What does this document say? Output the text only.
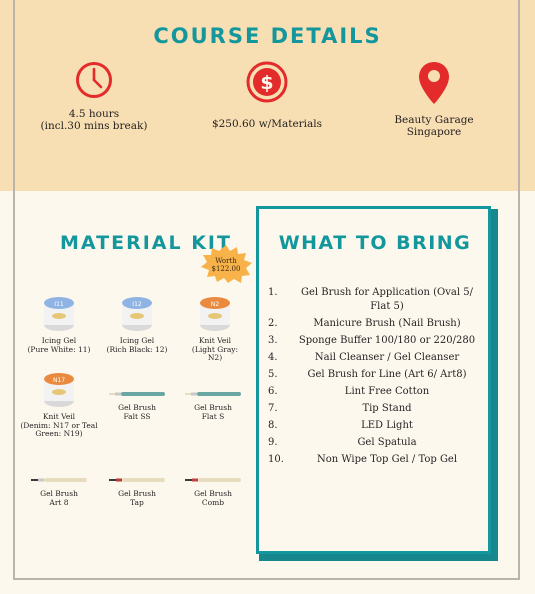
COURSE DETAILS
4.5 hours
(incl.30 mins break)
$
$250.60 w/Materials	Beauty Garage
Singapore
MATERIAL KIT
Worth
$122.00
I11
Icing Gel
(Pure White: 11)
I12
Icing Gel
(Rich Black: 12)
N2
Knit Veil
(Light Gray:
N2)
N17
Knit Veil
(Denim: N17 or Teal
Green: N19)
Gel Brush
Falt SS
Gel Brush
Flat S
Gel Brush
Art 8
Gel Brush
Tap
Gel Brush
Comb
WHAT TO BRING
1.	Gel Brush for Application (Oval 5/ Flat 5)
2.	Manicure Brush (Nail Brush)
3.	Sponge Buffer 100/180 or 220/280
4.	Nail Cleanser / Gel Cleanser
5.	Gel Brush for Line (Art 6/ Art8)
6.	Lint Free Cotton
7.	Tip Stand
8.	LED Light
9.	Gel Spatula
10.	Non Wipe Top Gel / Top Gel
